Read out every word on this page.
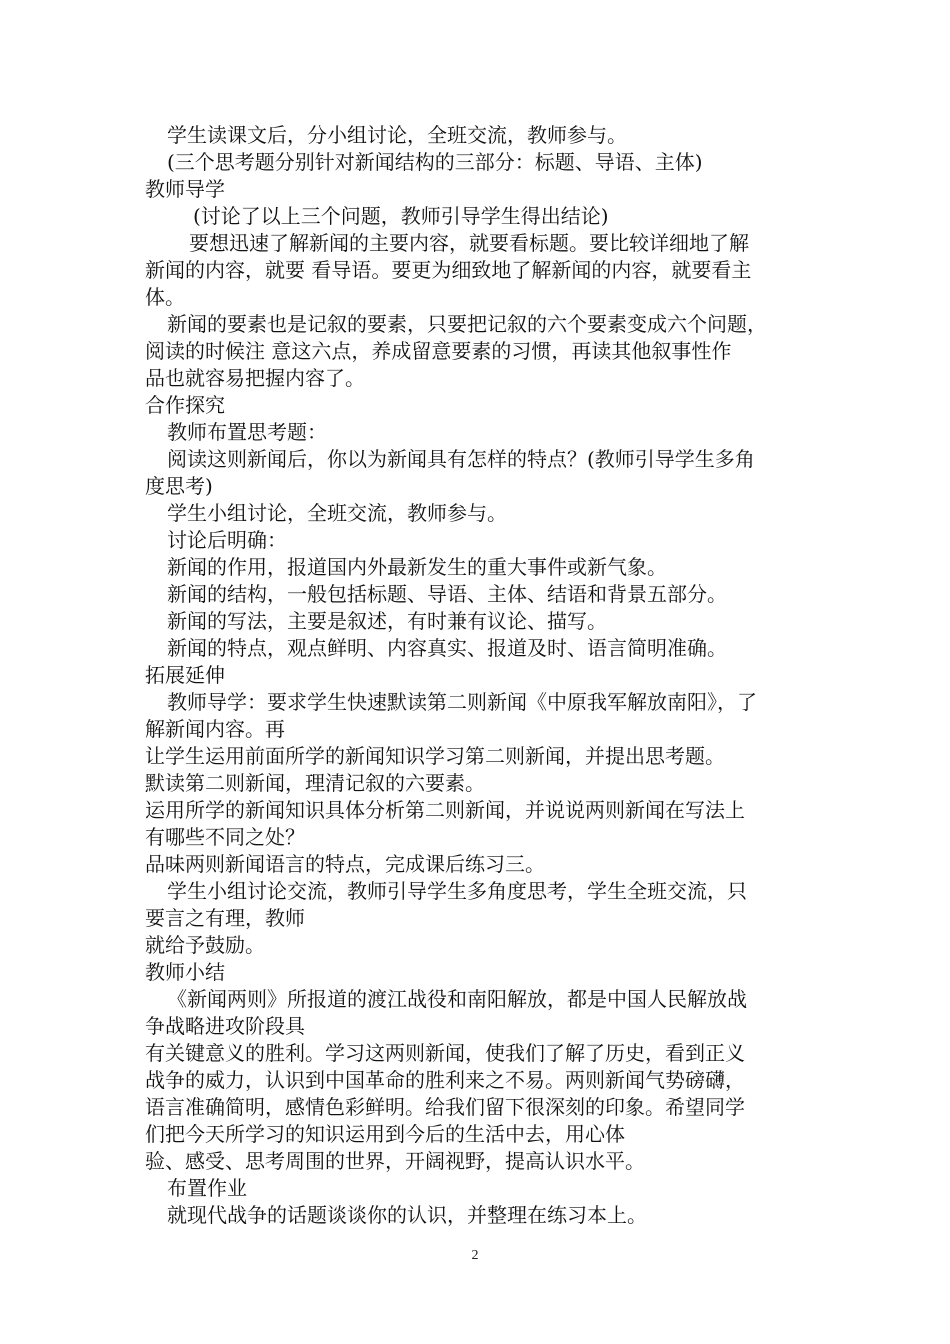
学生读课文后，分小组讨论，全班交流，教师参与。
(三个思考题分别针对新闻结构的三部分：标题、导语、主体)
教师导学
(讨论了以上三个问题，教师引导学生得出结论)
要想迅速了解新闻的主要内容，就要看标题。要比较详细地了解
新闻的内容，就要 看导语。要更为细致地了解新闻的内容，就要看主
体。
新闻的要素也是记叙的要素，只要把记叙的六个要素变成六个问题，
阅读的时候注 意这六点，养成留意要素的习惯，再读其他叙事性作
品也就容易把握内容了。
合作探究
教师布置思考题：
阅读这则新闻后，你以为新闻具有怎样的特点？(教师引导学生多角
度思考)
学生小组讨论，全班交流，教师参与。
讨论后明确：
新闻的作用，报道国内外最新发生的重大事件或新气象。
新闻的结构，一般包括标题、导语、主体、结语和背景五部分。
新闻的写法，主要是叙述，有时兼有议论、描写。
新闻的特点，观点鲜明、内容真实、报道及时、语言简明准确。
拓展延伸
教师导学：要求学生快速默读第二则新闻《中原我军解放南阳》，了
解新闻内容。再
让学生运用前面所学的新闻知识学习第二则新闻，并提出思考题。
默读第二则新闻，理清记叙的六要素。
运用所学的新闻知识具体分析第二则新闻，并说说两则新闻在写法上
有哪些不同之处？
品味两则新闻语言的特点，完成课后练习三。
学生小组讨论交流，教师引导学生多角度思考，学生全班交流，只
要言之有理，教师
就给予鼓励。
教师小结
《新闻两则》所报道的渡江战役和南阳解放，都是中国人民解放战
争战略进攻阶段具
有关键意义的胜利。学习这两则新闻，使我们了解了历史，看到正义
战争的威力，认识到中国革命的胜利来之不易。两则新闻气势磅礴，
语言准确简明，感情色彩鲜明。给我们留下很深刻的印象。希望同学
们把今天所学习的知识运用到今后的生活中去，用心体
验、感受、思考周围的世界，开阔视野，提高认识水平。
布置作业
就现代战争的话题谈谈你的认识，并整理在练习本上。
2
